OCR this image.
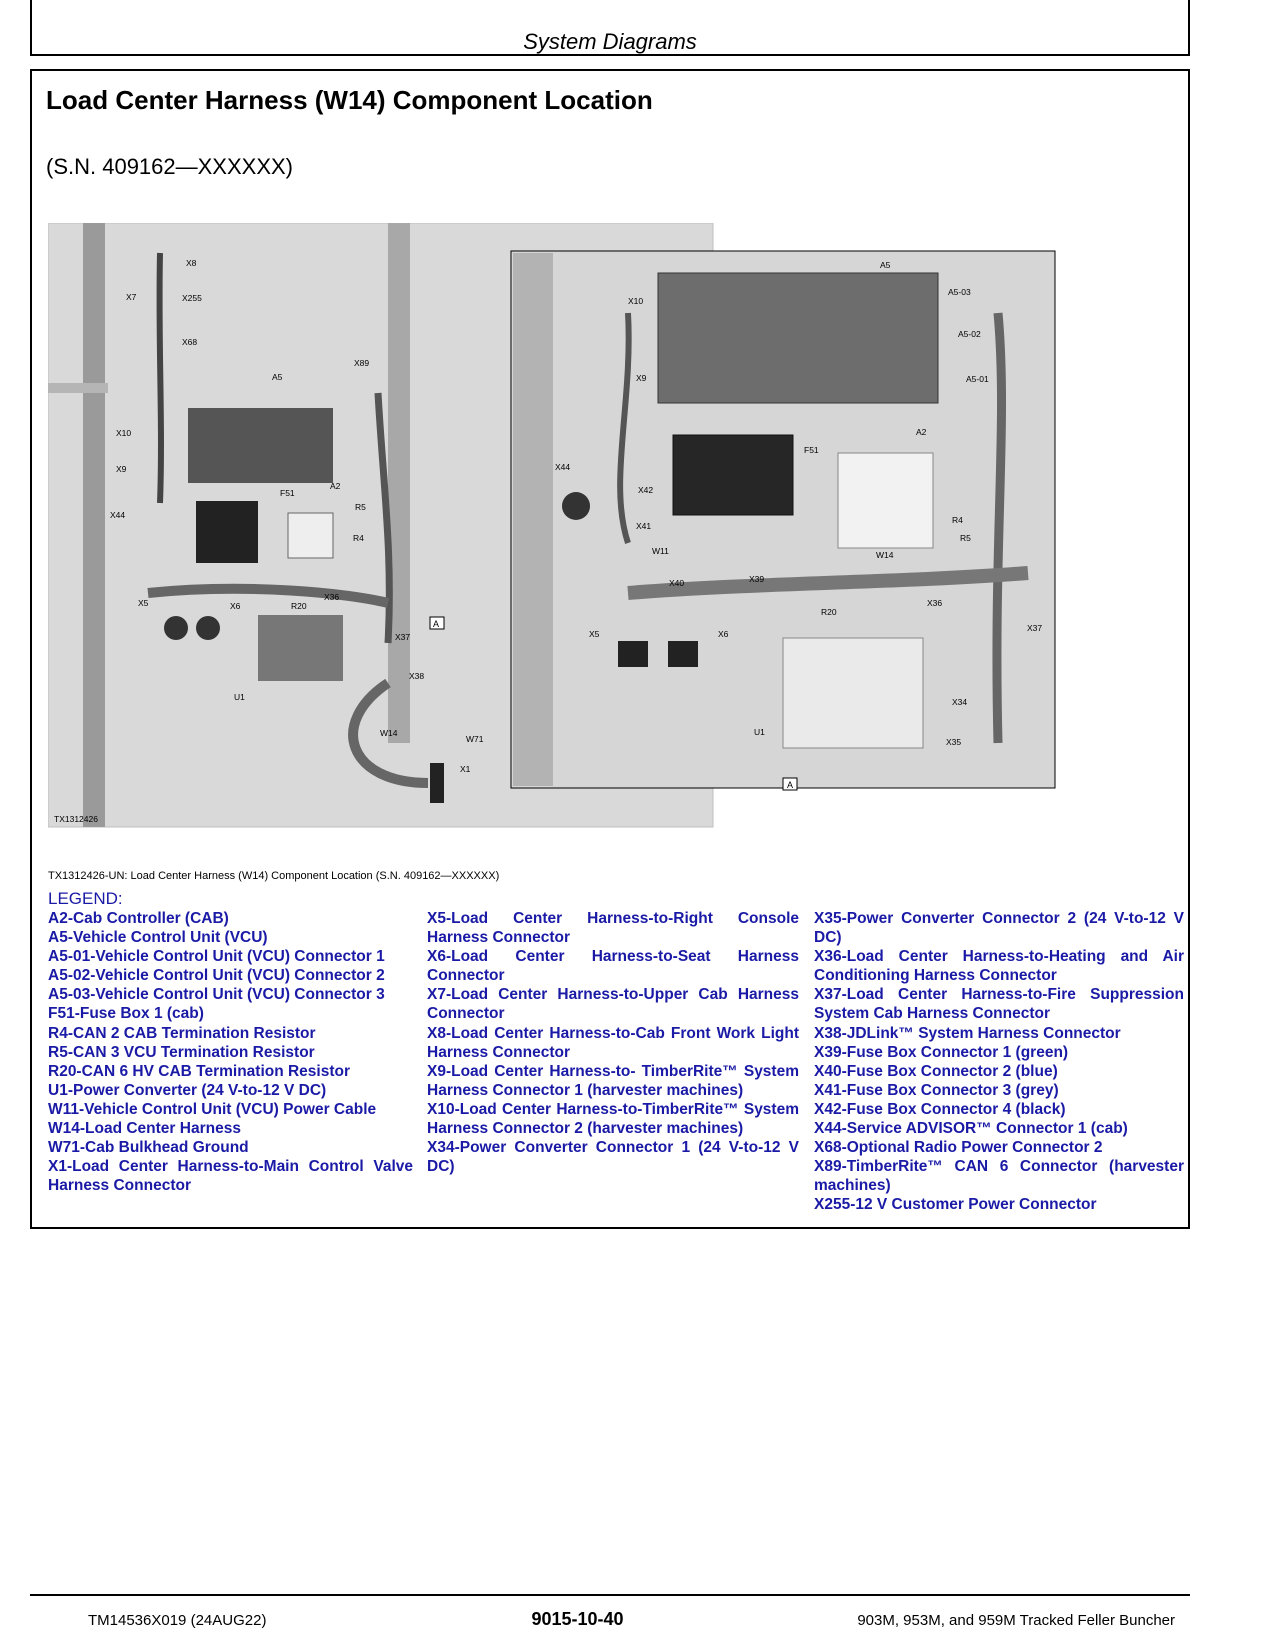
System Diagrams
Load Center Harness (W14) Component Location
(S.N. 409162—XXXXXX)
X8
X7	X255
X68
X89
A5
X10
X9
A2
F51
R5
X44
R4
X5	X6	R20
X36
X37
U1
X38
W14
W71
X1
TX1312426
A
A
A5
X10
A5-03
A5-02
X9	A5-01
A2
F51
X44
X42
X41
R4
R5
W11	W14
X40	X39
R20
X36
X37
X5	X6
X34
U1
X35
TX1312426-UN: Load Center Harness (W14) Component Location (S.N. 409162—XXXXXX)
LEGEND:
A2-Cab Controller (CAB)
A5-Vehicle Control Unit (VCU)
A5-01-Vehicle Control Unit (VCU) Connector 1
A5-02-Vehicle Control Unit (VCU) Connector 2
A5-03-Vehicle Control Unit (VCU) Connector 3
F51-Fuse Box 1 (cab)
R4-CAN 2 CAB Termination Resistor
R5-CAN 3 VCU Termination Resistor
R20-CAN 6 HV CAB Termination Resistor
U1-Power Converter (24 V-to-12 V DC)
W11-Vehicle Control Unit (VCU) Power Cable
W14-Load Center Harness
W71-Cab Bulkhead Ground
X1-Load Center Harness-to-Main Control Valve Harness Connector
X5-Load Center Harness-to-Right Console Harness Connector
X6-Load Center Harness-to-Seat Harness Connector
X7-Load Center Harness-to-Upper Cab Harness Connector
X8-Load Center Harness-to-Cab Front Work Light Harness Connector
X9-Load Center Harness-to- TimberRite™ System Harness Connector 1 (harvester machines)
X10-Load Center Harness-to-TimberRite™ System Harness Connector 2 (harvester machines)
X34-Power Converter Connector 1 (24 V-to-12 V DC)
X35-Power Converter Connector 2 (24 V-to-12 V DC)
X36-Load Center Harness-to-Heating and Air Conditioning Harness Connector
X37-Load Center Harness-to-Fire Suppression System Cab Harness Connector
X38-JDLink™ System Harness Connector
X39-Fuse Box Connector 1 (green)
X40-Fuse Box Connector 2 (blue)
X41-Fuse Box Connector 3 (grey)
X42-Fuse Box Connector 4 (black)
X44-Service ADVISOR™ Connector 1 (cab)
X68-Optional Radio Power Connector 2
X89-TimberRite™ CAN 6 Connector (harvester machines)
X255-12 V Customer Power Connector
TM14536X019 (24AUG22)	9015-10-40	903M, 953M, and 959M Tracked Feller Buncher
